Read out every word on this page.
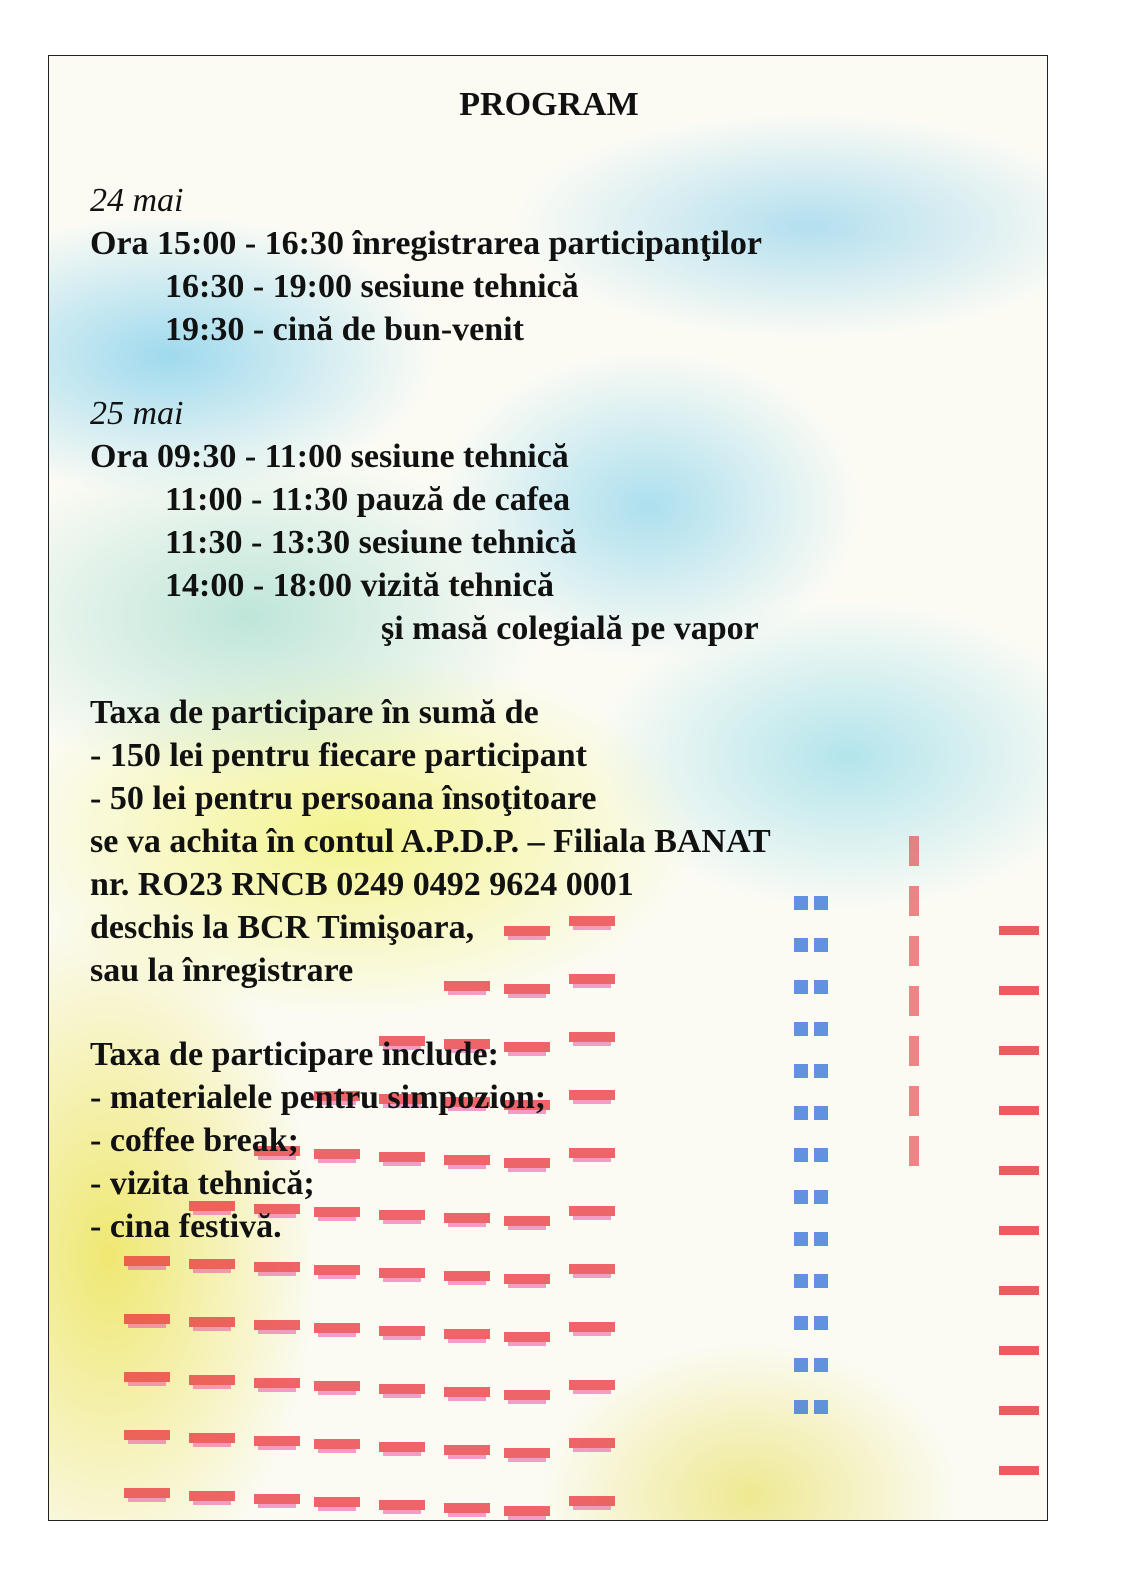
PROGRAM
24 mai
Ora 15:00 - 16:30 înregistrarea participanţilor
16:30 - 19:00 sesiune tehnică
19:30 - cină de bun-venit
25 mai
Ora 09:30 - 11:00 sesiune tehnică
11:00 - 11:30 pauză de cafea
11:30 - 13:30 sesiune tehnică
14:00 - 18:00 vizită tehnică
şi masă colegială pe vapor
Taxa de participare în sumă de
- 150 lei pentru fiecare participant
- 50 lei pentru persoana însoţitoare
se va achita în contul A.P.D.P. – Filiala BANAT
nr. RO23 RNCB 0249 0492 9624 0001
deschis la BCR Timişoara,
sau la înregistrare
Taxa de participare include:
- materialele pentru simpozion;
- coffee break;
- vizita tehnică;
- cina festivă.
